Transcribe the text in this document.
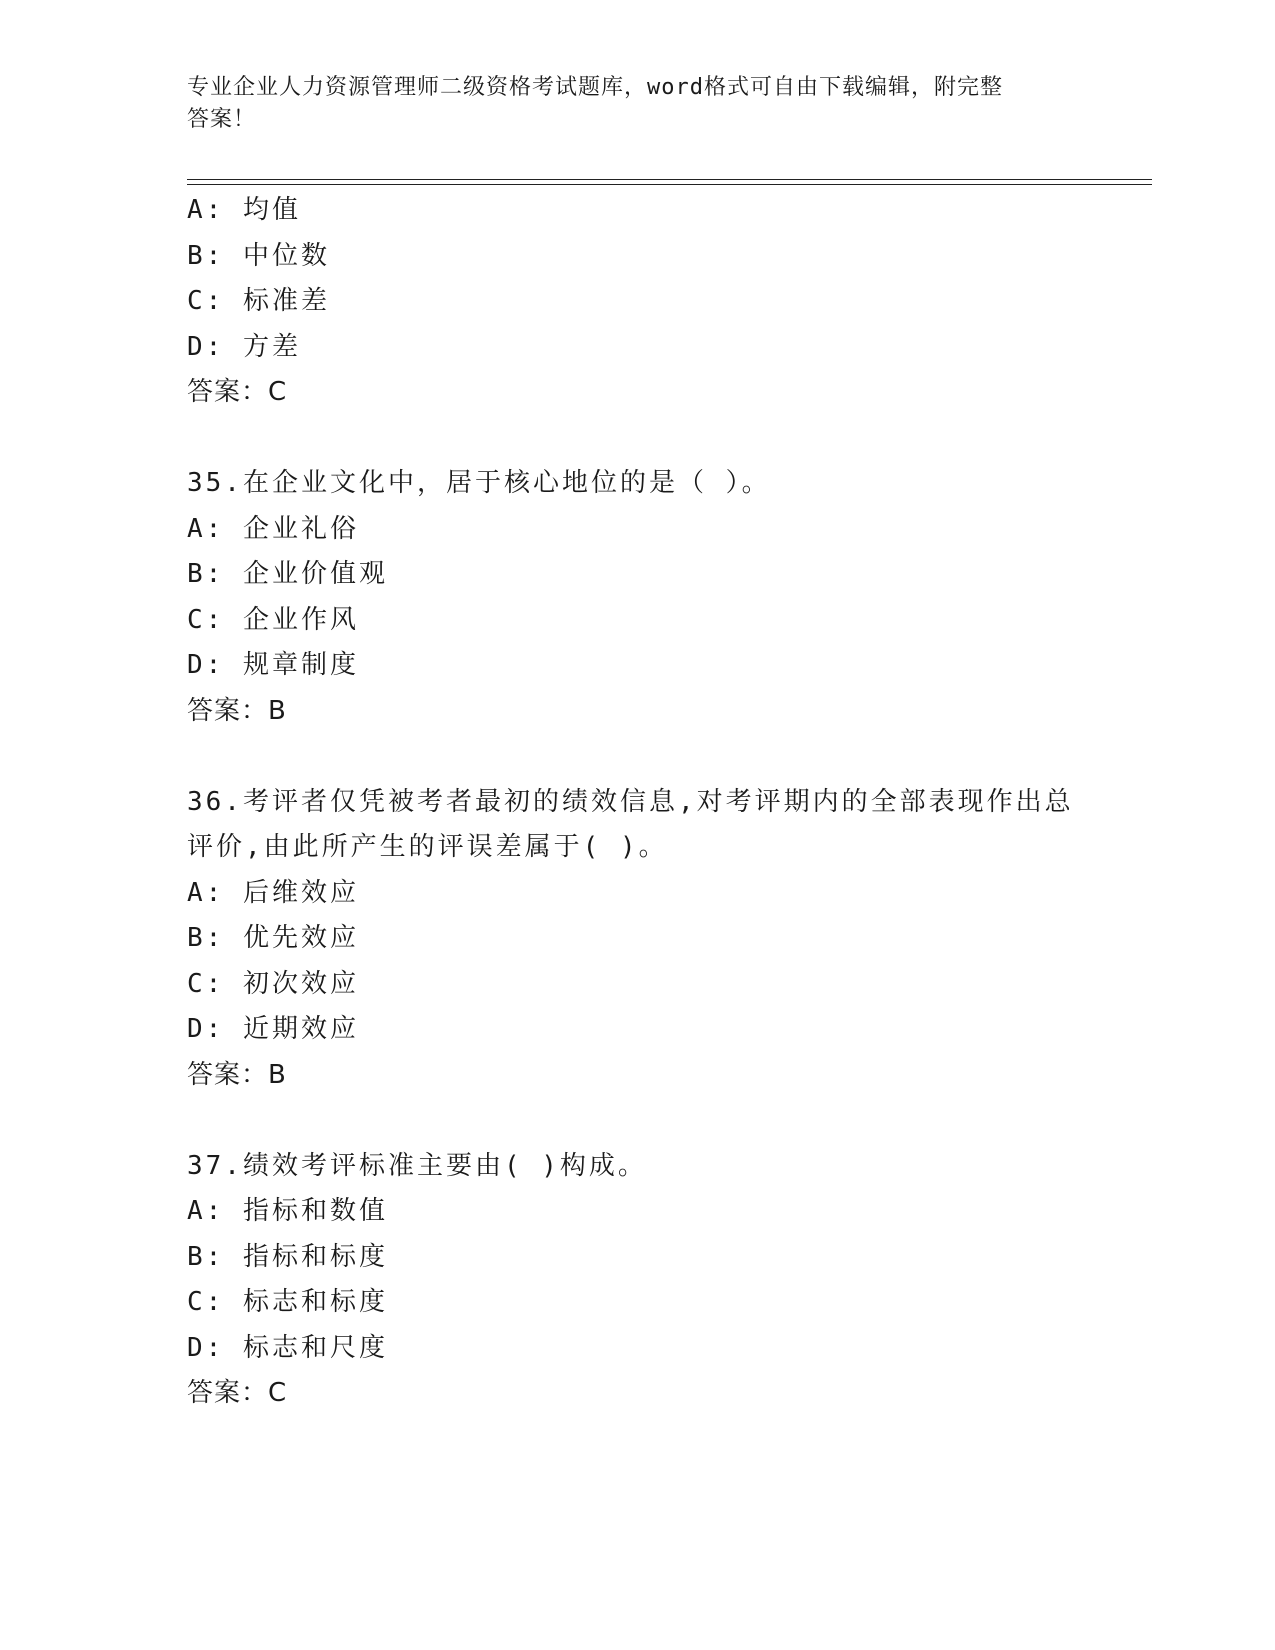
专业企业人力资源管理师二级资格考试题库，word格式可自由下载编辑，附完整
答案！
A: 均值
B: 中位数
C: 标准差
D: 方差
答案：C
35.在企业文化中，居于核心地位的是（ ）。
A: 企业礼俗
B: 企业价值观
C: 企业作风
D: 规章制度
答案：B
36.考评者仅凭被考者最初的绩效信息,对考评期内的全部表现作出总
评价,由此所产生的评误差属于( )。
A: 后维效应
B: 优先效应
C: 初次效应
D: 近期效应
答案：B
37.绩效考评标准主要由( )构成。
A: 指标和数值
B: 指标和标度
C: 标志和标度
D: 标志和尺度
答案：C
